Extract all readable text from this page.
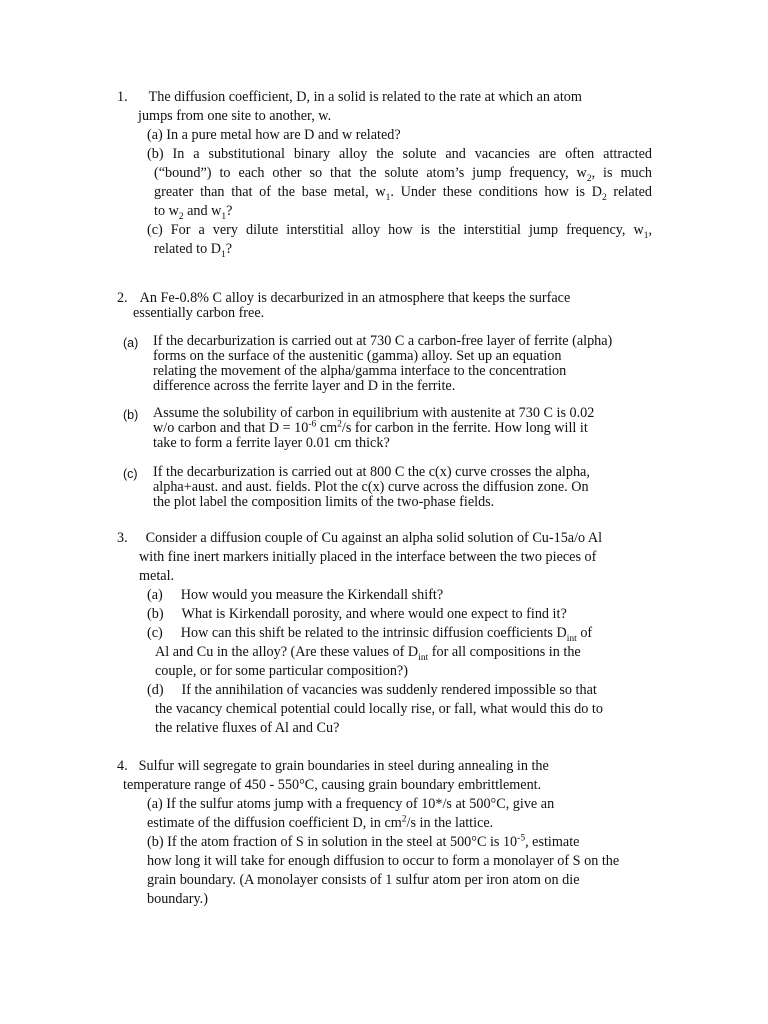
1. The diffusion coefficient, D, in a solid is related to the rate at which an atom
jumps from one site to another, w.
(a) In a pure metal how are D and w related?
(b) In a substitutional binary alloy the solute and vacancies are often attracted
(“bound”) to each other so that the solute atom’s jump frequency, $w_2$, is much
greater than that of the base metal, $w_1$. Under these conditions how is $D_2$ related
to $w_2$ and $w_1$?
(c) For a very dilute interstitial alloy how is the interstitial jump frequency, $w_1$,
related to $D_1$?
2. An Fe-0.8% C alloy is decarburized in an atmosphere that keeps the surface
essentially carbon free.
(a) If the decarburization is carried out at 730 C a carbon-free layer of ferrite (alpha)
forms on the surface of the austenitic (gamma) alloy. Set up an equation
relating the movement of the alpha/gamma interface to the concentration
difference across the ferrite layer and D in the ferrite.
(b) Assume the solubility of carbon in equilibrium with austenite at 730 C is 0.02
w/o carbon and that $D = 10^{-6}$ $cm^2/s$ for carbon in the ferrite. How long will it
take to form a ferrite layer 0.01 cm thick?
(c) If the decarburization is carried out at 800 C the c(x) curve crosses the alpha,
alpha+aust. and aust. fields. Plot the c(x) curve across the diffusion zone. On
the plot label the composition limits of the two-phase fields.
3. Consider a diffusion couple of Cu against an alpha solid solution of Cu-15a/o Al
with fine inert markers initially placed in the interface between the two pieces of
metal.
(a) How would you measure the Kirkendall shift?
(b) What is Kirkendall porosity, and where would one expect to find it?
(c) How can this shift be related to the intrinsic diffusion coefficients $D_{int}$ of
Al and Cu in the alloy? (Are these values of $D_{int}$ for all compositions in the
couple, or for some particular composition?)
(d) If the annihilation of vacancies was suddenly rendered impossible so that
the vacancy chemical potential could locally rise, or fall, what would this do to
the relative fluxes of Al and Cu?
4. Sulfur will segregate to grain boundaries in steel during annealing in the
temperature range of 450 - 550°C, causing grain boundary embrittlement.
(a) If the sulfur atoms jump with a frequency of 10*/s at 500°C, give an
estimate of the diffusion coefficient D, in $cm^2/s$ in the lattice.
(b) If the atom fraction of S in solution in the steel at 500°C is $10^{-5}$, estimate
how long it will take for enough diffusion to occur to form a monolayer of S on the
grain boundary. (A monolayer consists of 1 sulfur atom per iron atom on die
boundary.)
